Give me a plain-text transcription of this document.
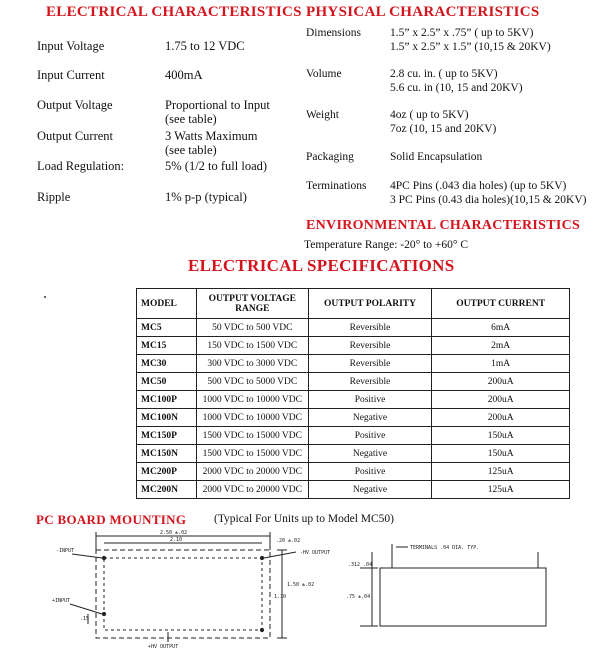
ELECTRICAL CHARACTERISTICS PHYSICAL CHARACTERISTICS
Input Voltage	1.75 to 12 VDC
Input Current	400mA
Output Voltage	Proportional to Input
(see table)
Output Current	3 Watts Maximum
(see table)
Load Regulation:	5% (1/2 to full load)
Ripple	1% p-p (typical)
Dimensions	1.5” x 2.5” x .75” ( up to 5KV)
1.5” x 2.5” x 1.5” (10,15 & 20KV)
Volume	2.8 cu. in. ( up to 5KV)
5.6 cu. in (10, 15 and 20KV)
Weight	4oz ( up to 5KV)
7oz (10, 15 and 20KV)
Packaging	Solid Encapsulation
Terminations 4PC Pins (.043 dia holes) (up to 5KV)
3 PC Pins (0.43 dia holes)(10,15 & 20KV)
ENVIRONMENTAL CHARACTERISTICS
Temperature Range: -20° to +60° C
ELECTRICAL SPECIFICATIONS
MODEL	OUTPUT VOLTAGE RANGE	OUTPUT POLARITY	OUTPUT CURRENT
MC5	50 VDC to 500 VDC	Reversible	6mA
MC15	150 VDC to 1500 VDC	Reversible	2mA
MC30	300 VDC to 3000 VDC	Reversible	1mA
MC50	500 VDC to 5000 VDC	Reversible	200uA
MC100P	1000 VDC to 10000 VDC	Positive	200uA
MC100N	1000 VDC to 10000 VDC	Negative	200uA
MC150P	1500 VDC to 15000 VDC	Positive	150uA
MC150N	1500 VDC to 15000 VDC	Negative	150uA
MC200P	2000 VDC to 20000 VDC	Positive	125uA
MC200N	2000 VDC to 20000 VDC	Negative	125uA
PC BOARD MOUNTING (Typical For Units up to Model MC50)
-INPUT
+INPUT
-HV OUTPUT
+HV OUTPUT
2.50 ±.02
2.10
1.50 ±.02
1.10
.20 ±.02
.15
TERMINALS .04 DIA. TYP.
.312 .04
.75 ±.04
